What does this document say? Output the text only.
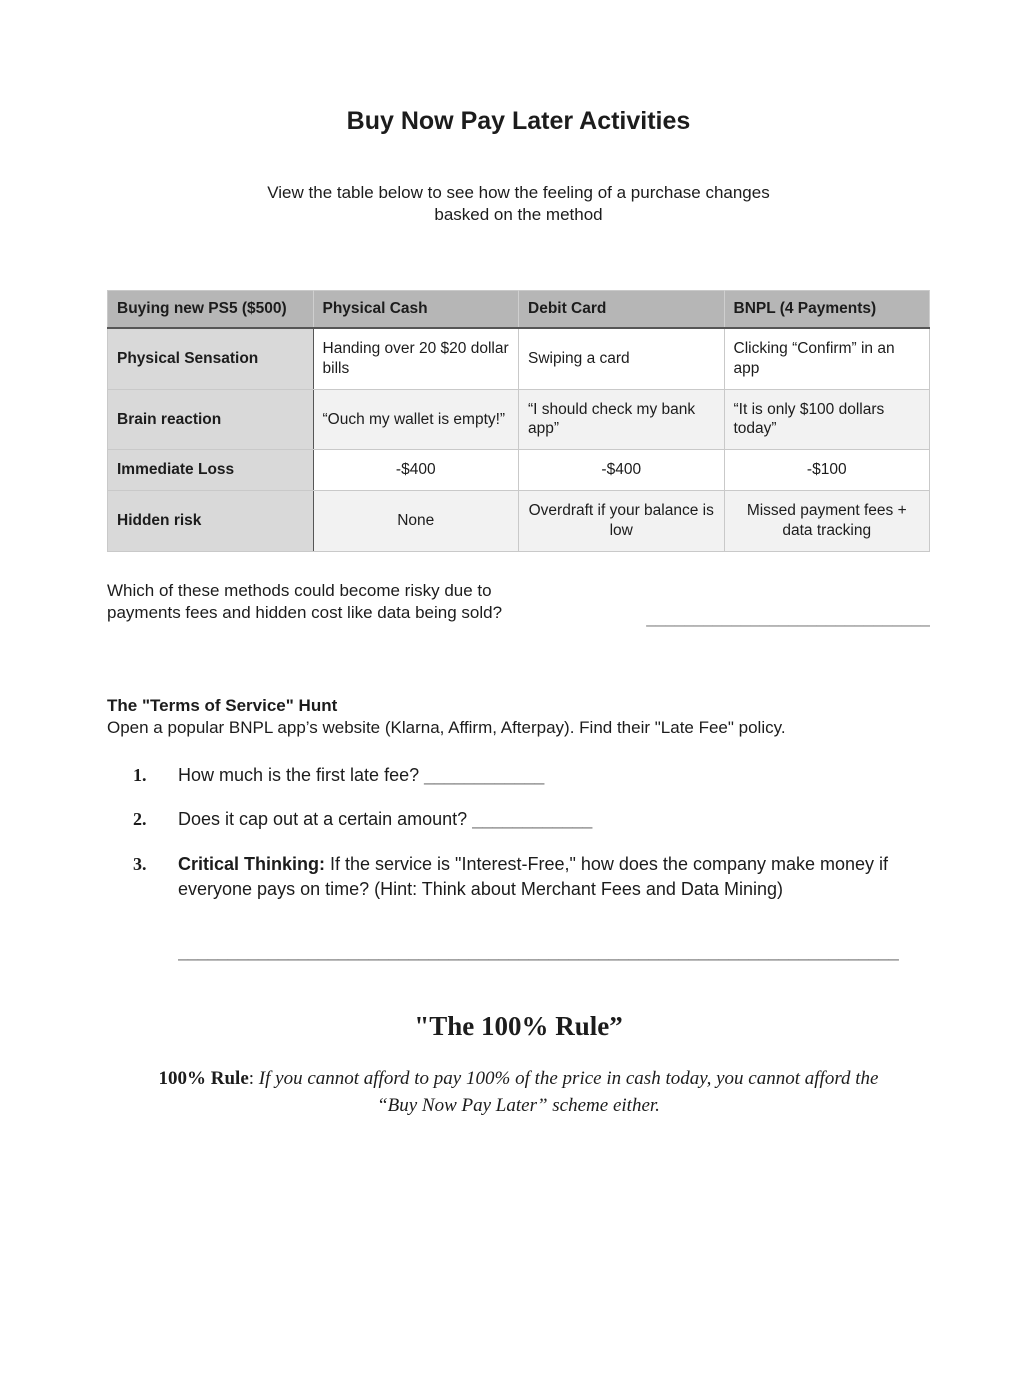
Buy Now Pay Later Activities

View the table below to see how the feeling of a purchase changes
basked on the method

Buying new PS5 ($500)	Physical Cash	Debit Card	BNPL (4 Payments)
Physical Sensation	Handing over 20 $20 dollar bills	Swiping a card	Clicking “Confirm” in an app
Brain reaction	“Ouch my wallet is empty!”	“I should check my bank app”	“It is only $100 dollars today”
Immediate Loss	-$400	-$400	-$100
Hidden risk	None	Overdraft if your balance is low	Missed payment fees + data tracking

Which of these methods could become risky due to payments fees and hidden cost like data being sold?	______________________________

The "Terms of Service" Hunt

Open a popular BNPL app’s website (Klarna, Affirm, Afterpay). Find their "Late Fee" policy.

1.	How much is the first late fee? ____________
2.	Does it cap out at a certain amount? ____________
3.	Critical Thinking: If the service is "Interest-Free," how does the company make money if everyone pays on time? (Hint: Think about Merchant Fees and Data Mining)
________________________________________________________________________
"The 100% Rule”

100% Rule: If you cannot afford to pay 100% of the price in cash today, you cannot afford the “Buy Now Pay Later” scheme either.
